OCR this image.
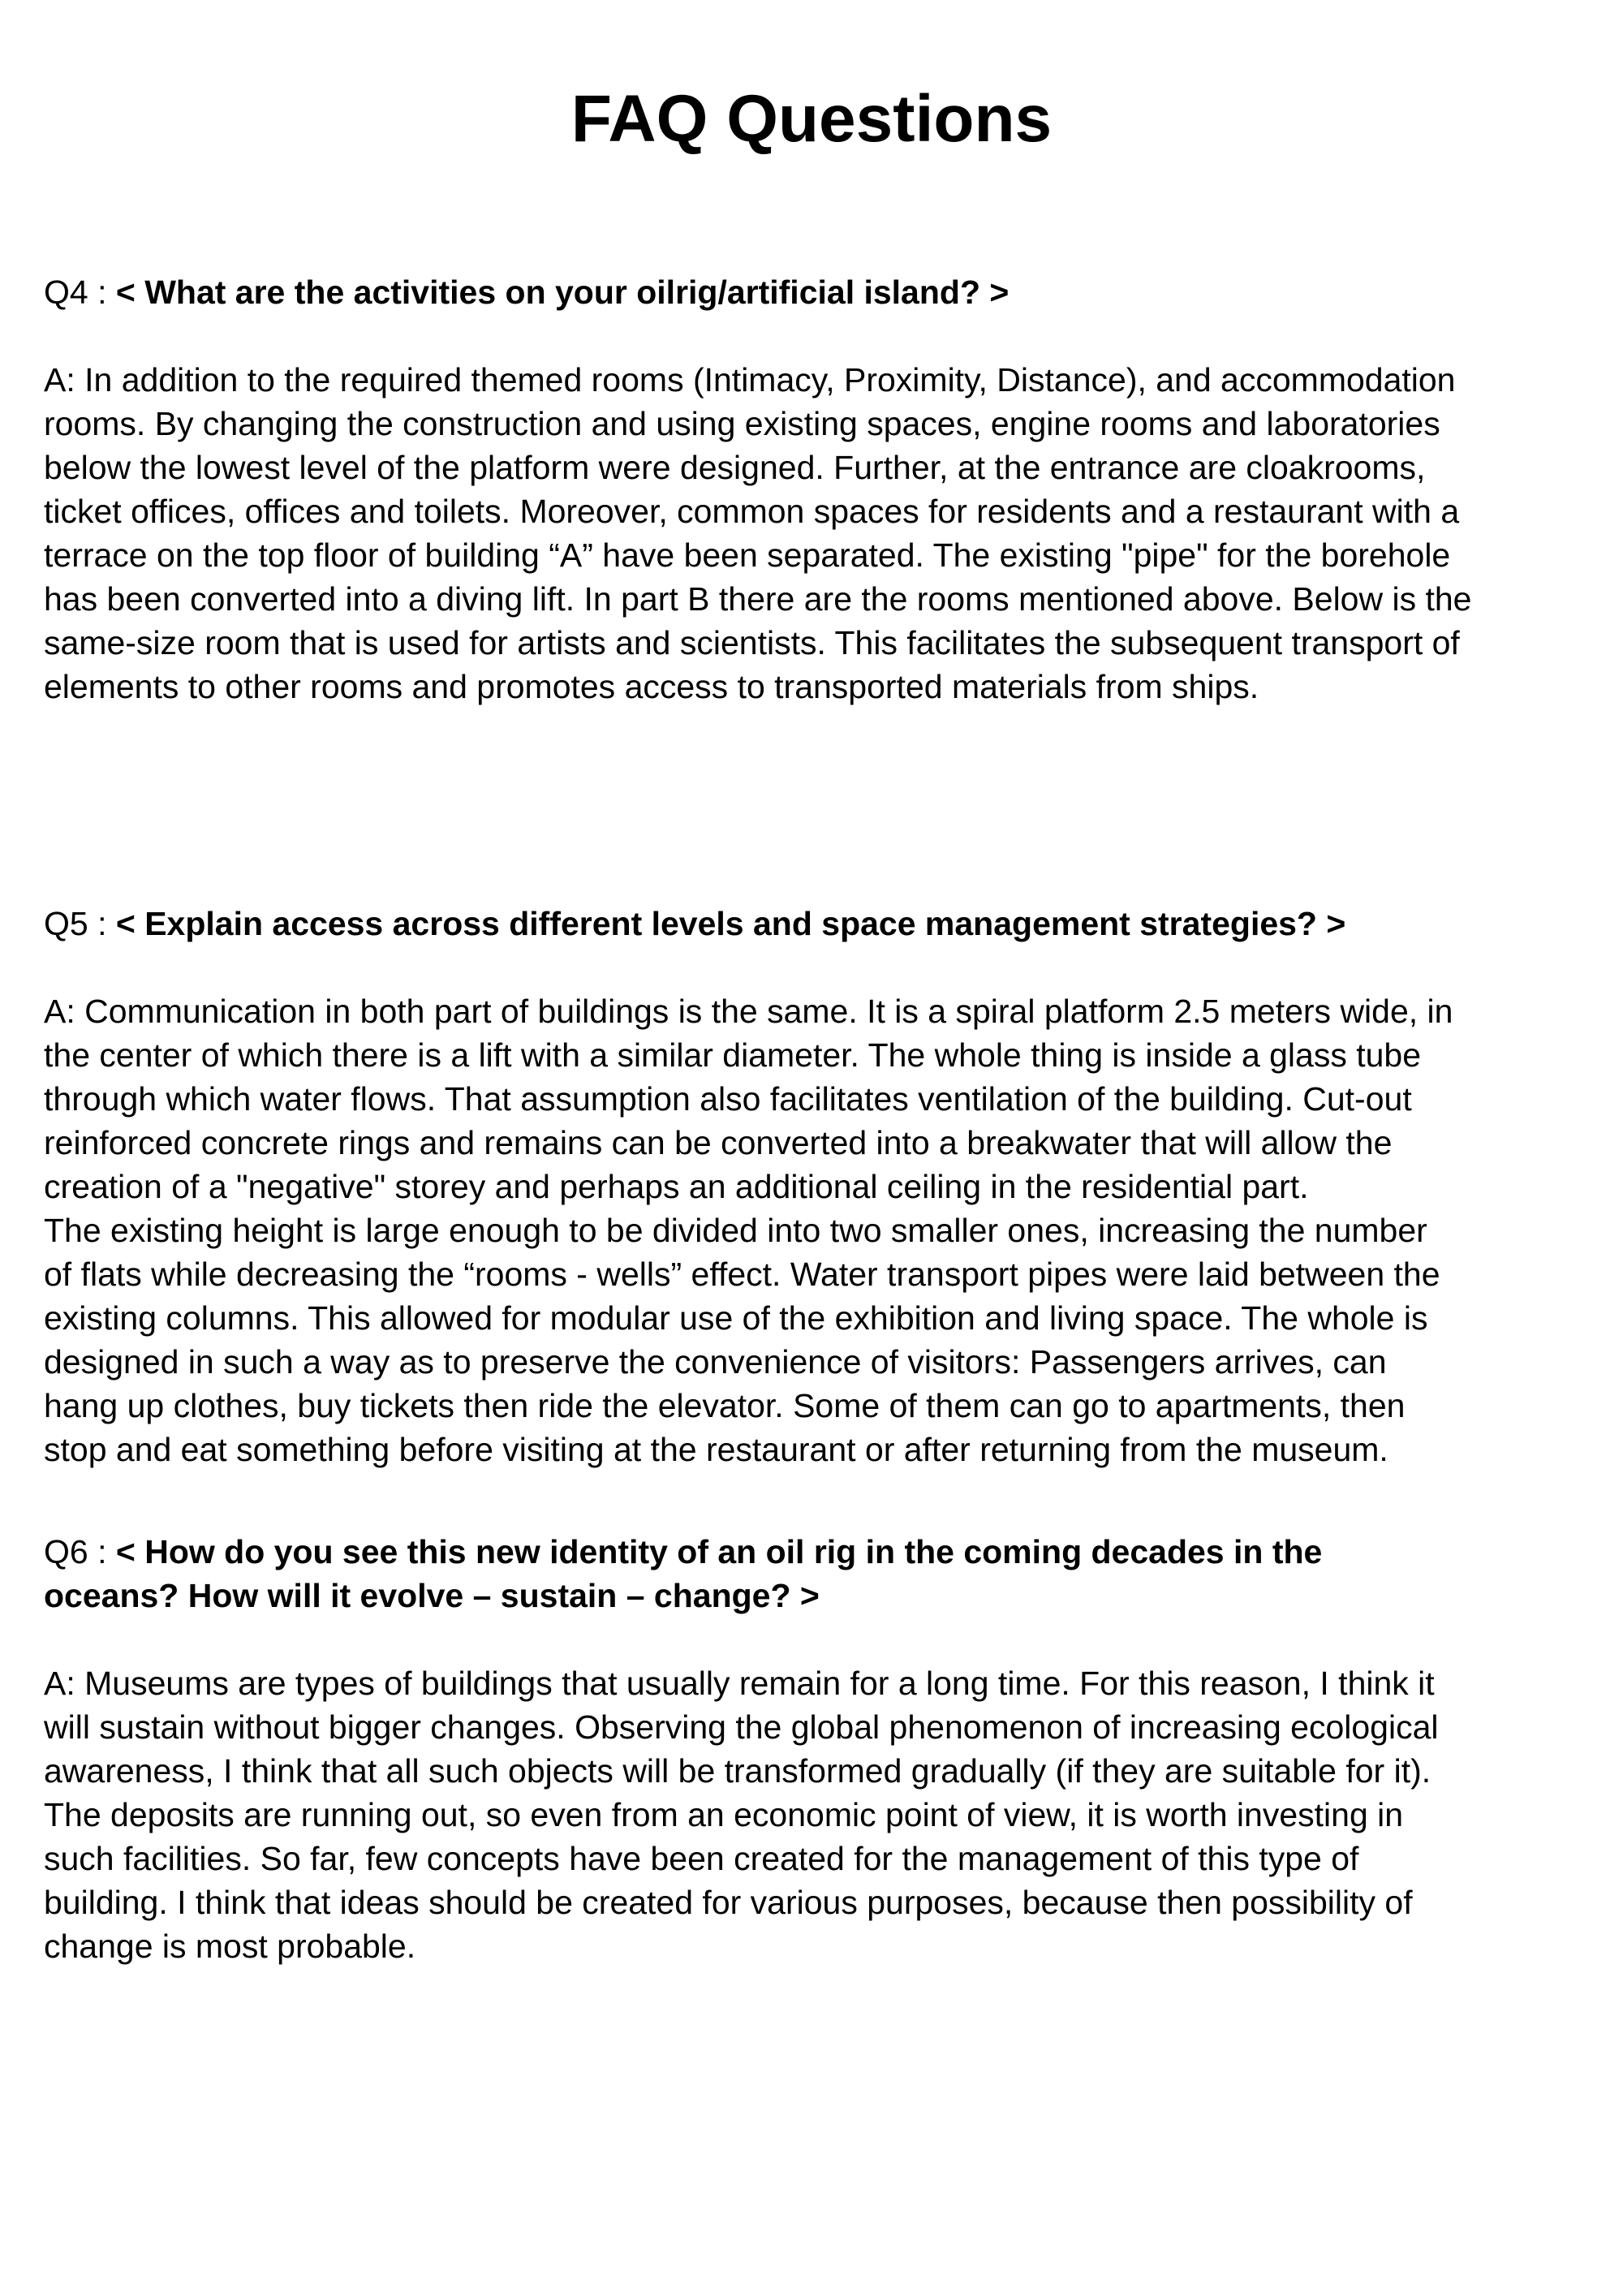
FAQ Questions

Q4 : < What are the activities on your oilrig/artificial island? >

A: In addition to the required themed rooms (Intimacy, Proximity, Distance), and accommodation
rooms. By changing the construction and using existing spaces, engine rooms and laboratories
below the lowest level of the platform were designed. Further, at the entrance are cloakrooms,
ticket offices, offices and toilets. Moreover, common spaces for residents and a restaurant with a
terrace on the top floor of building “A” have been separated. The existing "pipe" for the borehole
has been converted into a diving lift. In part B there are the rooms mentioned above. Below is the
same-size room that is used for artists and scientists. This facilitates the subsequent transport of
elements to other rooms and promotes access to transported materials from ships.

Q5 : < Explain access across different levels and space management strategies? >

A: Communication in both part of buildings is the same. It is a spiral platform 2.5 meters wide, in
the center of which there is a lift with a similar diameter. The whole thing is inside a glass tube
through which water flows. That assumption also facilitates ventilation of the building. Cut-out
reinforced concrete rings and remains can be converted into a breakwater that will allow the
creation of a "negative" storey and perhaps an additional ceiling in the residential part.
The existing height is large enough to be divided into two smaller ones, increasing the number
of flats while decreasing the “rooms - wells” effect. Water transport pipes were laid between the
existing columns. This allowed for modular use of the exhibition and living space. The whole is
designed in such a way as to preserve the convenience of visitors: Passengers arrives, can
hang up clothes, buy tickets then ride the elevator. Some of them can go to apartments, then
stop and eat something before visiting at the restaurant or after returning from the museum.

Q6 : < How do you see this new identity of an oil rig in the coming decades in the
oceans? How will it evolve – sustain – change? >

A: Museums are types of buildings that usually remain for a long time. For this reason, I think it
will sustain without bigger changes. Observing the global phenomenon of increasing ecological
awareness, I think that all such objects will be transformed gradually (if they are suitable for it).
The deposits are running out, so even from an economic point of view, it is worth investing in
such facilities. So far, few concepts have been created for the management of this type of
building. I think that ideas should be created for various purposes, because then possibility of
change is most probable.
